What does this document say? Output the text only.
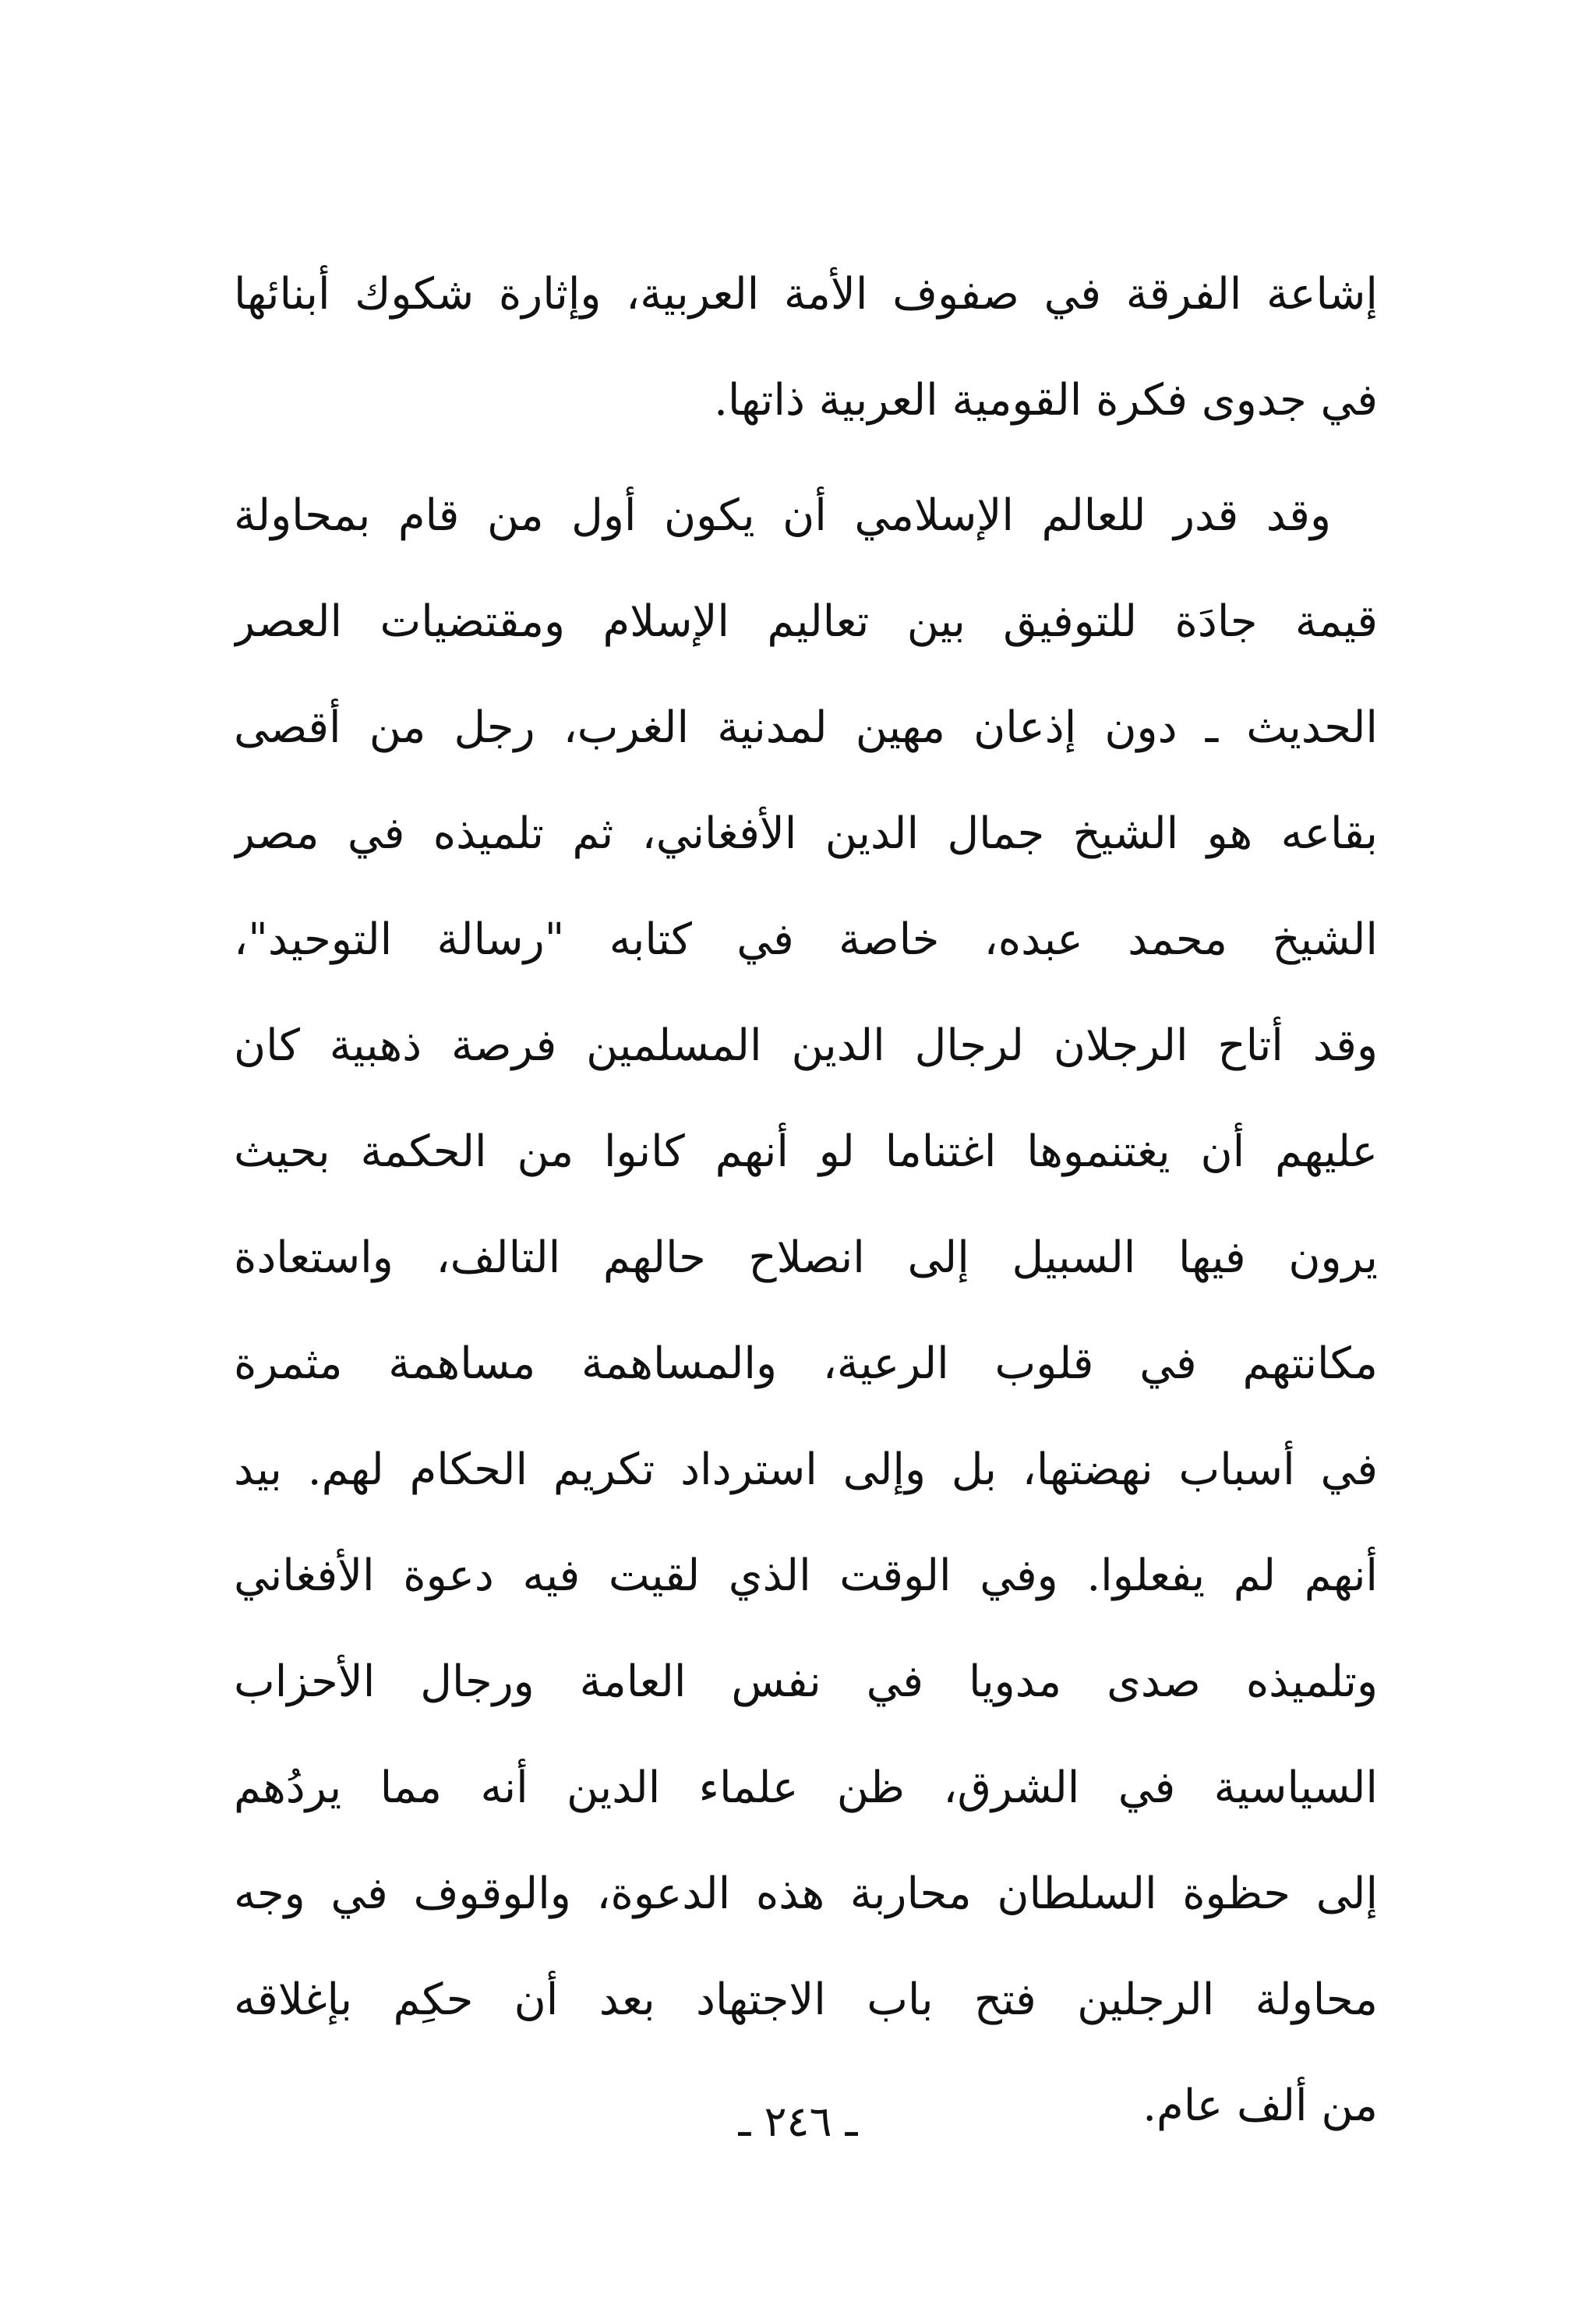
إشاعة الفرقة في صفوف الأمة العربية، وإثارة شكوك أبنائها
في جدوى فكرة القومية العربية ذاتها.
وقد قدر للعالم الإسلامي أن يكون أول من قام بمحاولة
قيمة جادَة للتوفيق بين تعاليم الإسلام ومقتضيات العصر
الحديث ـ دون إذعان مهين لمدنية الغرب، رجل من أقصى
بقاعه هو الشيخ جمال الدين الأفغاني، ثم تلميذه في مصر
الشيخ محمد عبده، خاصة في كتابه "رسالة التوحيد"،
وقد أتاح الرجلان لرجال الدين المسلمين فرصة ذهبية كان
عليهم أن يغتنموها اغتناما لو أنهم كانوا من الحكمة بحيث
يرون فيها السبيل إلى انصلاح حالهم التالف، واستعادة
مكانتهم في قلوب الرعية، والمساهمة مساهمة مثمرة
في أسباب نهضتها، بل وإلى استرداد تكريم الحكام لهم. بيد
أنهم لم يفعلوا. وفي الوقت الذي لقيت فيه دعوة الأفغاني
وتلميذه صدى مدويا في نفس العامة ورجال الأحزاب
السياسية في الشرق، ظن علماء الدين أنه مما يردُهم
إلى حظوة السلطان محاربة هذه الدعوة، والوقوف في وجه
محاولة الرجلين فتح باب الاجتهاد بعد أن حكِم بإغلاقه
من ألف عام.
ـ ٢٤٦ ـ
